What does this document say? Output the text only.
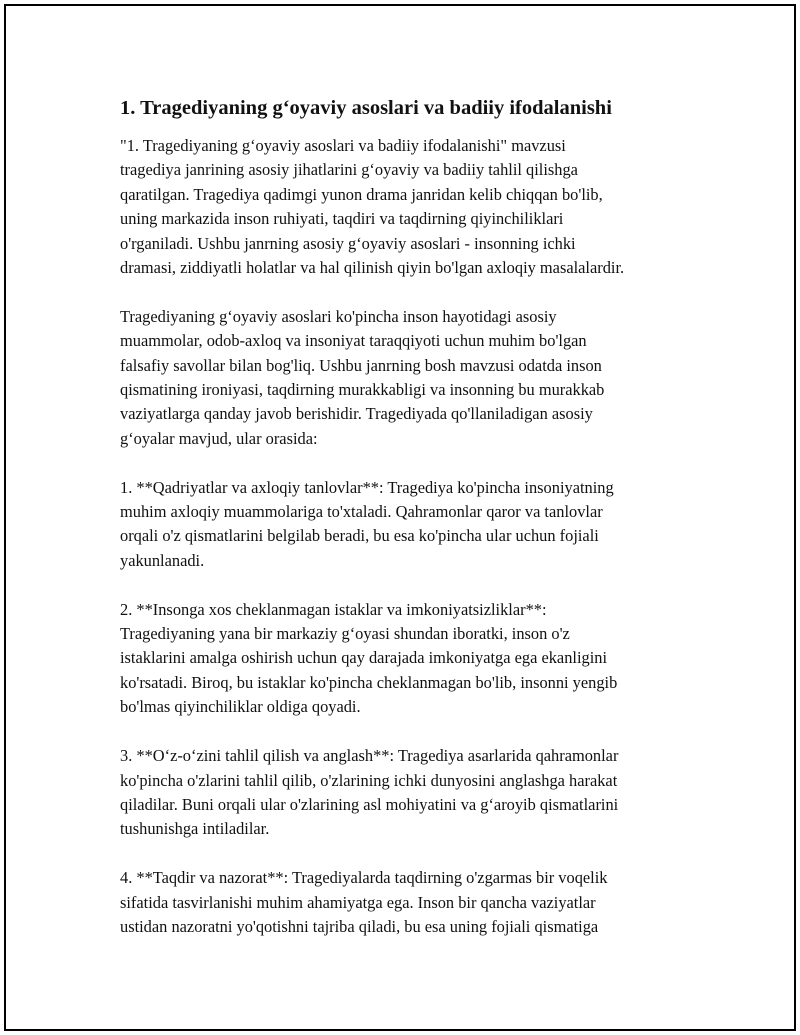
1. Tragediyaning g‘oyaviy asoslari va badiiy ifodalanishi
"1. Tragediyaning g‘oyaviy asoslari va badiiy ifodalanishi" mavzusi
tragediya janrining asosiy jihatlarini g‘oyaviy va badiiy tahlil qilishga
qaratilgan. Tragediya qadimgi yunon drama janridan kelib chiqqan bo'lib,
uning markazida inson ruhiyati, taqdiri va taqdirning qiyinchiliklari
o'rganiladi. Ushbu janrning asosiy g‘oyaviy asoslari - insonning ichki
dramasi, ziddiyatli holatlar va hal qilinish qiyin bo'lgan axloqiy masalalardir.
Tragediyaning g‘oyaviy asoslari ko'pincha inson hayotidagi asosiy
muammolar, odob-axloq va insoniyat taraqqiyoti uchun muhim bo'lgan
falsafiy savollar bilan bog'liq. Ushbu janrning bosh mavzusi odatda inson
qismatining ironiyasi, taqdirning murakkabligi va insonning bu murakkab
vaziyatlarga qanday javob berishidir. Tragediyada qo'llaniladigan asosiy
g‘oyalar mavjud, ular orasida:
1. **Qadriyatlar va axloqiy tanlovlar**: Tragediya ko'pincha insoniyatning
muhim axloqiy muammolariga to'xtaladi. Qahramonlar qaror va tanlovlar
orqali o'z qismatlarini belgilab beradi, bu esa ko'pincha ular uchun fojiali
yakunlanadi.
2. **Insonga xos cheklanmagan istaklar va imkoniyatsizliklar**:
Tragediyaning yana bir markaziy g‘oyasi shundan iboratki, inson o'z
istaklarini amalga oshirish uchun qay darajada imkoniyatga ega ekanligini
ko'rsatadi. Biroq, bu istaklar ko'pincha cheklanmagan bo'lib, insonni yengib
bo'lmas qiyinchiliklar oldiga qoyadi.
3. **O‘z-o‘zini tahlil qilish va anglash**: Tragediya asarlarida qahramonlar
ko'pincha o'zlarini tahlil qilib, o'zlarining ichki dunyosini anglashga harakat
qiladilar. Buni orqali ular o'zlarining asl mohiyatini va g‘aroyib qismatlarini
tushunishga intiladilar.
4. **Taqdir va nazorat**: Tragediyalarda taqdirning o'zgarmas bir voqelik
sifatida tasvirlanishi muhim ahamiyatga ega. Inson bir qancha vaziyatlar
ustidan nazoratni yo'qotishni tajriba qiladi, bu esa uning fojiali qismatiga
